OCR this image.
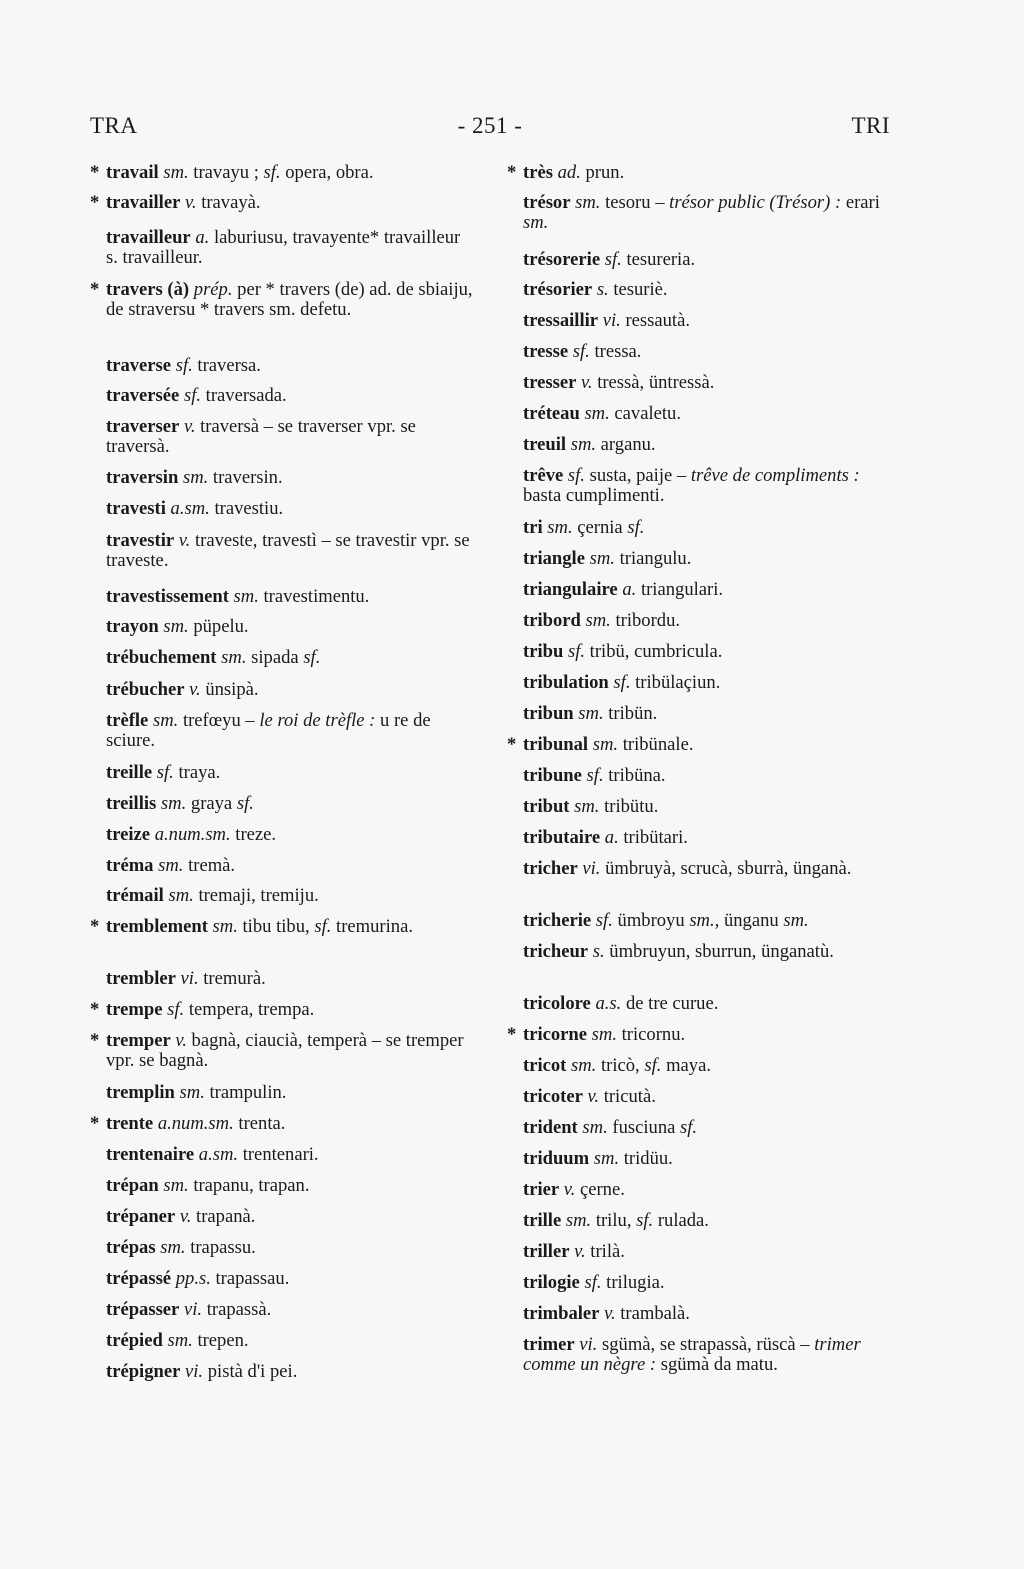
TRA	- 251 -	TRI
* travail sm. travayu ; sf. opera, obra.
* travailler v. travayà.
travailleur a. laburiusu, travayente* travailleur s. travailleur.
* travers (à) prép. per * travers (de) ad. de sbiaiju, de straversu * travers sm. defetu.
traverse sf. traversa.
traversée sf. traversada.
traverser v. traversà – se traverser vpr. se traversà.
traversin sm. traversin.
travesti a.sm. travestiu.
travestir v. traveste, travestì – se travestir vpr. se traveste.
travestissement sm. travestimentu.
trayon sm. püpelu.
trébuchement sm. sipada sf.
trébucher v. ünsipà.
trèfle sm. trefœyu – le roi de trèfle : u re de sciure.
treille sf. traya.
treillis sm. graya sf.
treize a.num.sm. treze.
tréma sm. tremà.
trémail sm. tremaji, tremiju.
* tremblement sm. tibu tibu, sf. tremurina.
trembler vi. tremurà.
* trempe sf. tempera, trempa.
* tremper v. bagnà, ciaucià, temperà – se tremper vpr. se bagnà.
tremplin sm. trampulin.
* trente a.num.sm. trenta.
trentenaire a.sm. trentenari.
trépan sm. trapanu, trapan.
trépaner v. trapanà.
trépas sm. trapassu.
trépassé pp.s. trapassau.
trépasser vi. trapassà.
trépied sm. trepen.
trépigner vi. pistà d'i pei.
* très ad. prun.
trésor sm. tesoru – trésor public (Trésor) : erari sm.
trésorerie sf. tesureria.
trésorier s. tesuriè.
tressaillir vi. ressautà.
tresse sf. tressa.
tresser v. tressà, üntressà.
tréteau sm. cavaletu.
treuil sm. arganu.
trêve sf. susta, paije – trêve de compliments : basta cumplimenti.
tri sm. çernia sf.
triangle sm. triangulu.
triangulaire a. triangulari.
tribord sm. tribordu.
tribu sf. tribü, cumbricula.
tribulation sf. tribülaçiun.
tribun sm. tribün.
* tribunal sm. tribünale.
tribune sf. tribüna.
tribut sm. tribütu.
tributaire a. tribütari.
tricher vi. ümbruyà, scrucà, sburrà, ünganà.
tricherie sf. ümbroyu sm., ünganu sm.
tricheur s. ümbruyun, sburrun, ünganatù.
tricolore a.s. de tre curue.
* tricorne sm. tricornu.
tricot sm. tricò, sf. maya.
tricoter v. tricutà.
trident sm. fusciuna sf.
triduum sm. tridüu.
trier v. çerne.
trille sm. trilu, sf. rulada.
triller v. trilà.
trilogie sf. trilugia.
trimbaler v. trambalà.
trimer vi. sgümà, se strapassà, rüscà – trimer comme un nègre : sgümà da matu.
